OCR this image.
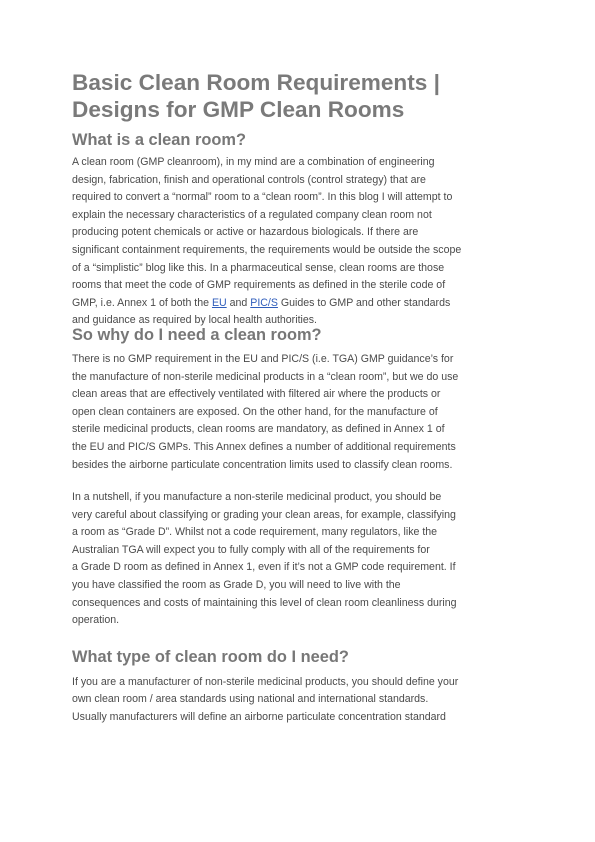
Basic Clean Room Requirements |
Designs for GMP Clean Rooms
What is a clean room?
A clean room (GMP cleanroom), in my mind are a combination of engineering
design, fabrication, finish and operational controls (control strategy) that are
required to convert a “normal” room to a “clean room”. In this blog I will attempt to
explain the necessary characteristics of a regulated company clean room not
producing potent chemicals or active or hazardous biologicals. If there are
significant containment requirements, the requirements would be outside the scope
of a “simplistic” blog like this. In a pharmaceutical sense, clean rooms are those
rooms that meet the code of GMP requirements as defined in the sterile code of
GMP, i.e. Annex 1 of both the EU and PIC/S Guides to GMP and other standards
and guidance as required by local health authorities.
So why do I need a clean room?
There is no GMP requirement in the EU and PIC/S (i.e. TGA) GMP guidance’s for
the manufacture of non-sterile medicinal products in a “clean room”, but we do use
clean areas that are effectively ventilated with filtered air where the products or
open clean containers are exposed. On the other hand, for the manufacture of
sterile medicinal products, clean rooms are mandatory, as defined in Annex 1 of
the EU and PIC/S GMPs. This Annex defines a number of additional requirements
besides the airborne particulate concentration limits used to classify clean rooms.
In a nutshell, if you manufacture a non-sterile medicinal product, you should be
very careful about classifying or grading your clean areas, for example, classifying
a room as “Grade D”. Whilst not a code requirement, many regulators, like the
Australian TGA will expect you to fully comply with all of the requirements for
a Grade D room as defined in Annex 1, even if it’s not a GMP code requirement. If
you have classified the room as Grade D, you will need to live with the
consequences and costs of maintaining this level of clean room cleanliness during
operation.
What type of clean room do I need?
If you are a manufacturer of non-sterile medicinal products, you should define your
own clean room / area standards using national and international standards.
Usually manufacturers will define an airborne particulate concentration standard
